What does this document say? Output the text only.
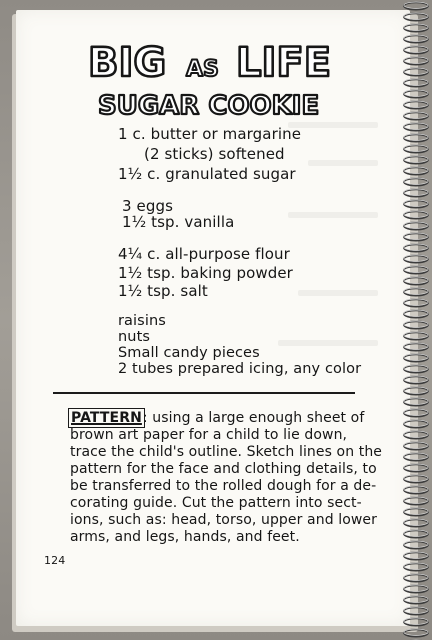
BIG AS LIFE
SUGAR COOKIE
1 c. butter or margarine
(2 sticks) softened
1½ c. granulated sugar
3 eggs
1½ tsp. vanilla
4¼ c. all-purpose flour
1½ tsp. baking powder
1½ tsp. salt
raisins
nuts
Small candy pieces
2 tubes prepared icing, any color
PATTERN: using a large enough sheet of
brown art paper for a child to lie down,
trace the child's outline. Sketch lines on the
pattern for the face and clothing details, to
be transferred to the rolled dough for a de-
corating guide. Cut the pattern into sect-
ions, such as: head, torso, upper and lower
arms, and legs, hands, and feet.
124
